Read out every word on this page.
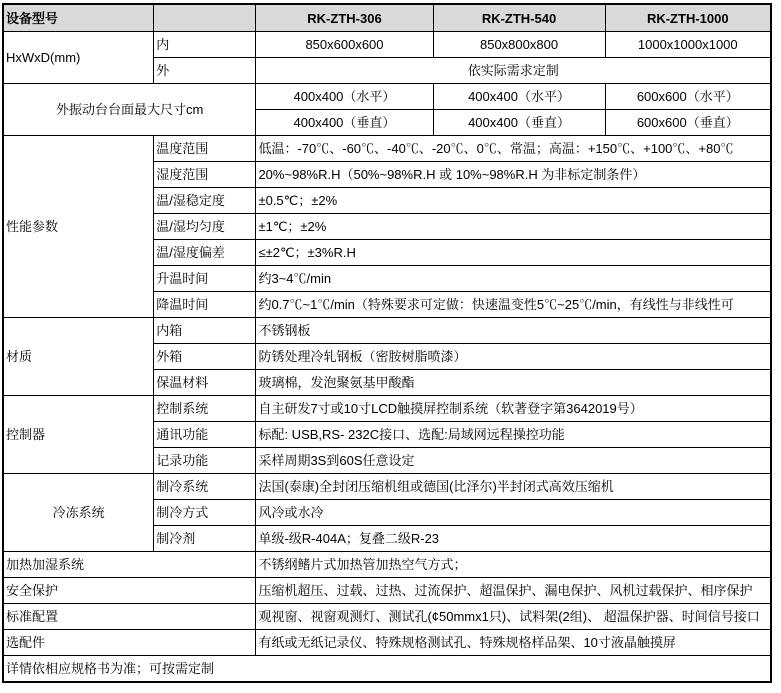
设备型号		RK-ZTH-306	RK-ZTH-540	RK-ZTH-1000
HxWxD(mm)	内	850x600x600	850x800x800	1000x1000x1000
	外	依实际需求定制		
外振动台台面最大尺寸cm		400x400（水平）	400x400（水平）	600x600（水平）
		400x400（垂直）	400x400（垂直）	600x600（垂直）
性能参数	温度范围	低温：-70℃、-60℃、-40℃、-20℃、0℃、常温；高温：+150℃、+100℃、+80℃		
	湿度范围	20%~98%R.H（50%~98%R.H 或 10%~98%R.H 为非标定制条件）		
	温/湿稳定度	±0.5℃；±2%		
	温/湿均匀度	±1℃；±2%		
	温/湿度偏差	≤±2℃；±3%R.H		
	升温时间	约3~4℃/min		
	降温时间	约0.7℃~1℃/min（特殊要求可定做：快速温变性5℃~25℃/min，有线性与非线性可		
材质	内箱	不锈钢板		
	外箱	防锈处理冷轧钢板（密胺树脂喷漆）		
	保温材料	玻璃棉，发泡聚氨基甲酸酯		
控制器	控制系统	自主研发7寸或10寸LCD触摸屏控制系统（软著登字第3642019号）		
	通讯功能	标配: USB,RS- 232C接口、选配:局域网远程操控功能		
	记录功能	采样周期3S到60S任意设定		
冷冻系统	制冷系统	法国(泰康)全封闭压缩机组或德国(比泽尔)半封闭式高效压缩机		
	制冷方式	风冷或水冷		
	制冷剂	单级-级R-404A；复叠二级R-23		
加热加湿系统		不锈纲鳍片式加热管加热空气方式；		
安全保护		压缩机超压、过载、过热、过流保护、超温保护、漏电保护、风机过载保护、相序保护		
标准配置		观视窗、视窗观测灯、测试孔(¢50mmx1只)、试料架(2组)、 超温保护器、时间信号接口		
选配件		有纸或无纸记录仪、特殊规格测试孔、特殊规格样品架、10寸液晶触摸屏		
详情依相应规格书为准；可按需定制				
